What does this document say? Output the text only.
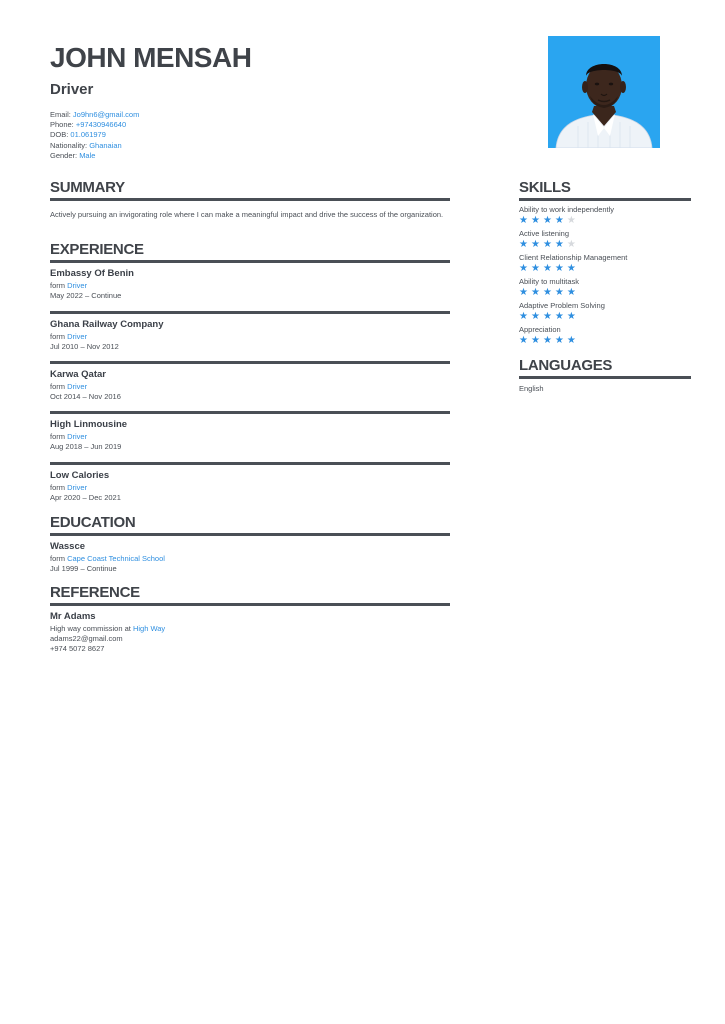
JOHN MENSAH
Driver
Email: Jo9hn6@gmail.com
Phone: +97430946640
DOB: 01.061979
Nationality: Ghanaian
Gender: Male
SUMMARY
Actively pursuing an invigorating role where I can make a meaningful impact and drive the success of the organization.
EXPERIENCE
Embassy Of Benin
form Driver
May 2022 – Continue
Ghana Railway Company
form Driver
Jul 2010 – Nov 2012
Karwa Qatar
form Driver
Oct 2014 – Nov 2016
High Linmousine
form Driver
Aug 2018 – Jun 2019
Low Calories
form Driver
Apr 2020 – Dec 2021
EDUCATION
Wassce
form Cape Coast Technical School
Jul 1999 – Continue
REFERENCE
Mr Adams
High way commission at High Way
adams22@gmail.com
+974 5072 8627
SKILLS
Ability to work independently
★★★★★
Active listening
★★★★★
Client Relationship Management
★★★★★
Ability to multitask
★★★★★
Adaptive Problem Solving
★★★★★
Appreciation
★★★★★
LANGUAGES
English
